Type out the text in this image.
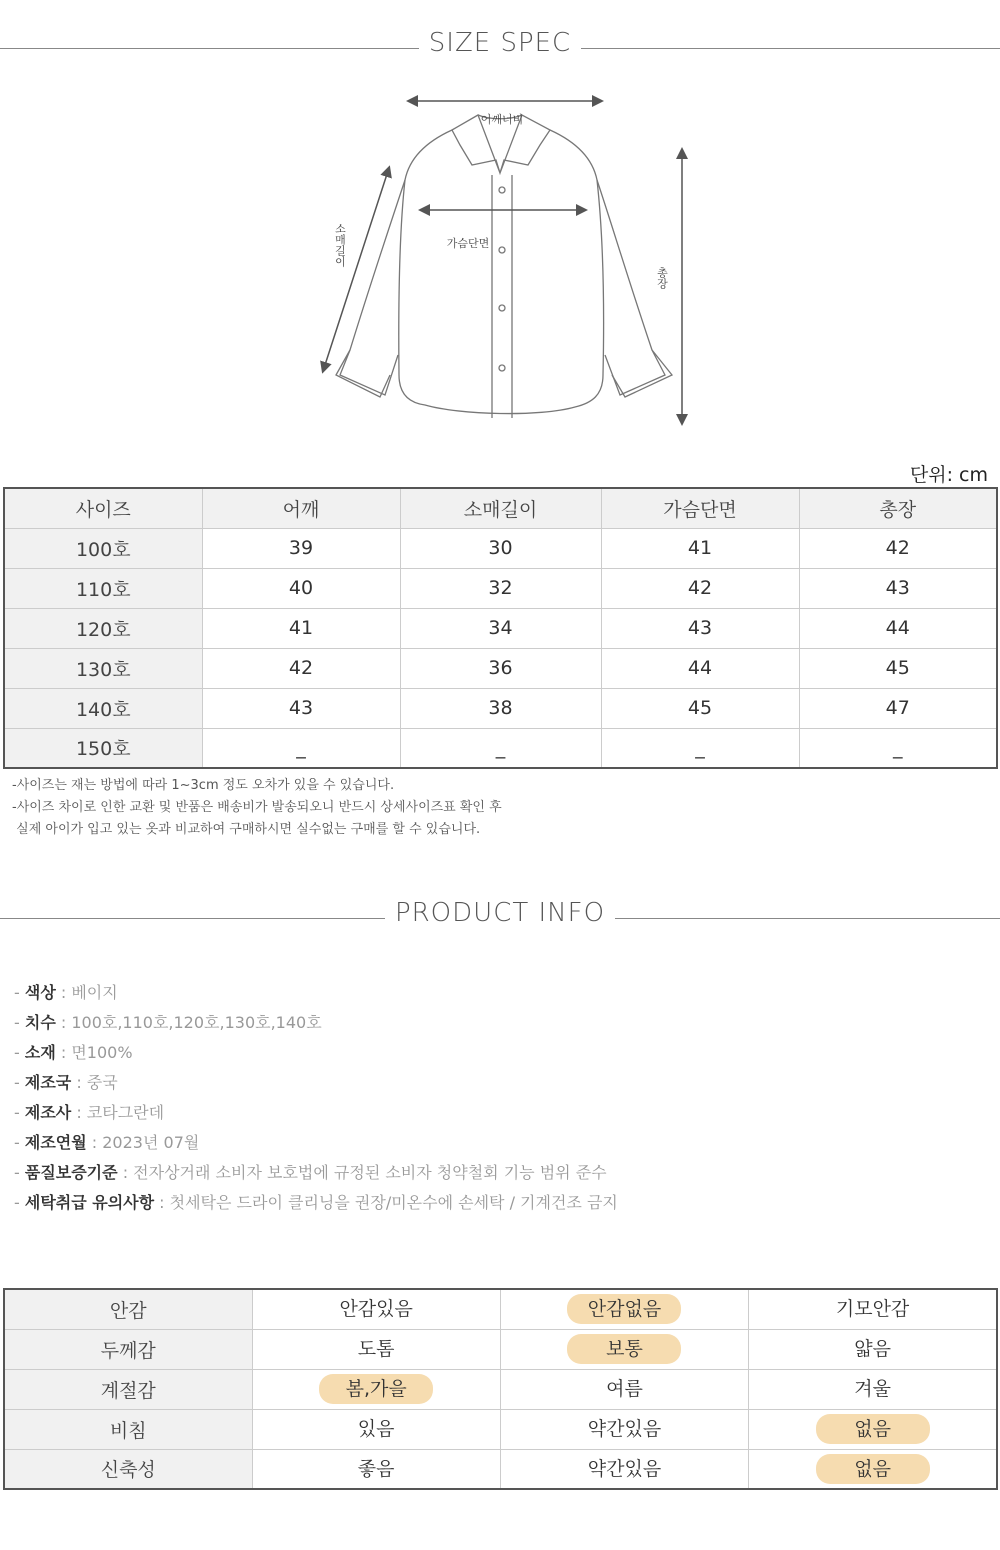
SIZE SPEC
어깨너비
가슴단면
소매길이
총장
단위: cm
사이즈	어깨	소매길이	가슴단면	총장
100호	39	30	41	42
110호	40	32	42	43
120호	41	34	43	44
130호	42	36	44	45
140호	43	38	45	47
150호	_	_	_	_
-사이즈는 재는 방법에 따라 1~3cm 정도 오차가 있을 수 있습니다.
-사이즈 차이로 인한 교환 및 반품은 배송비가 발송되오니 반드시 상세사이즈표 확인 후
실제 아이가 입고 있는 옷과 비교하여 구매하시면 실수없는 구매를 할 수 있습니다.
PRODUCT INFO
- 색상 : 베이지
- 치수 : 100호,110호,120호,130호,140호
- 소재 : 면100%
- 제조국 : 중국
- 제조사 : 코타그란데
- 제조연월 : 2023년 07월
- 품질보증기준 : 전자상거래 소비자 보호법에 규정된 소비자 청약철회 기능 범위 준수
- 세탁취급 유의사항 : 첫세탁은 드라이 클리닝을 권장/미온수에 손세탁 / 기계건조 금지
안감	안감있음	안감없음	기모안감
두께감	도톰	보통	얇음
계절감	봄,가을	여름	겨울
비침	있음	약간있음	없음
신축성	좋음	약간있음	없음
